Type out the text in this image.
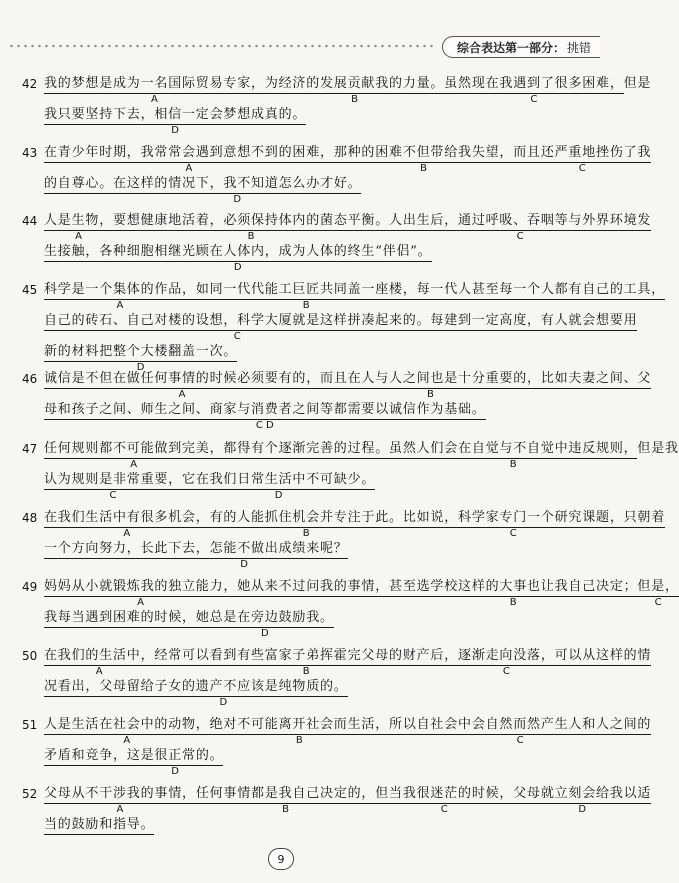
综合表达第一部分： 挑错
42 我的梦想是成为一名国际贸易专家，
A
为经济的发展贡献我的力量。
B
虽然现在我遇到了很多困难，
C
但是
我只要坚持下去，相信一定会梦想成真的。
D
43 在青少年时期，我常常会遇到意想不到的困难，
A
那种的困难不但带给我失望，
B
而且还严重地挫伤了我
C
的自尊心。在这样的情况下，我不知道怎么办才好。
D
44 人是生物，
A
要想健康地活着，必须保持体内的菌态平衡。
B
人出生后，通过呼吸、吞咽等与外界环境发
C
生接触，各种细胞相继光顾在人体内，成为人体的终生“伴侣”。
D
45 科学是一个集体的作品，
A
如同一代代能工巨匠共同盖一座楼，
B
每一代人甚至每一个人都有自己的工具，
自己的砖石、自己对楼的设想，科学大厦就是这样拼凑起来的。
C
每建到一定高度，有人就会想要用
新的材料把整个大楼翻盖一次。
D
46 诚信是不但在做任何事情的时候必须要有的，
A
而且在人与人之间也是十分重要的，
B
比如夫妻之间、父
母和孩子之间、师生之间、商家与消费者之间等都需要以诚信作为基础。
C D
47 任何规则都不可能做到完美，
A
都得有个逐渐完善的过程。虽然人们会在自觉与不自觉中违反规则，
B
但是我
认为规则是非常重要，
C
它在我们日常生活中不可缺少。
D
48 在我们生活中有很多机会，
A
有的人能抓住机会并专注于此。
B
比如说，科学家专门一个研究课题，
C
只朝着
一个方向努力，长此下去，怎能不做出成绩来呢？
D
49 妈妈从小就锻炼我的独立能力，
A
她从来不过问我的事情，甚至选学校这样的大事也让我自己决定；
B
但是，
C
我每当遇到困难的时候，她总是在旁边鼓励我。
D
50 在我们的生活中，
A
经常可以看到有些富家子弟挥霍完父母的财产后，
B
逐渐走向没落，
C
可以从这样的情
况看出，父母留给子女的遗产不应该是纯物质的。
D
51 人是生活在社会中的动物，
A
绝对不可能离开社会而生活，
B
所以自社会中会自然而然产生人和人之间的
C
矛盾和竞争，这是很正常的。
D
52 父母从不干涉我的事情，
A
任何事情都是我自己决定的，
B
但当我很迷茫的时候，
C
父母就立刻会给我以适
D
当的鼓励和指导。
9
